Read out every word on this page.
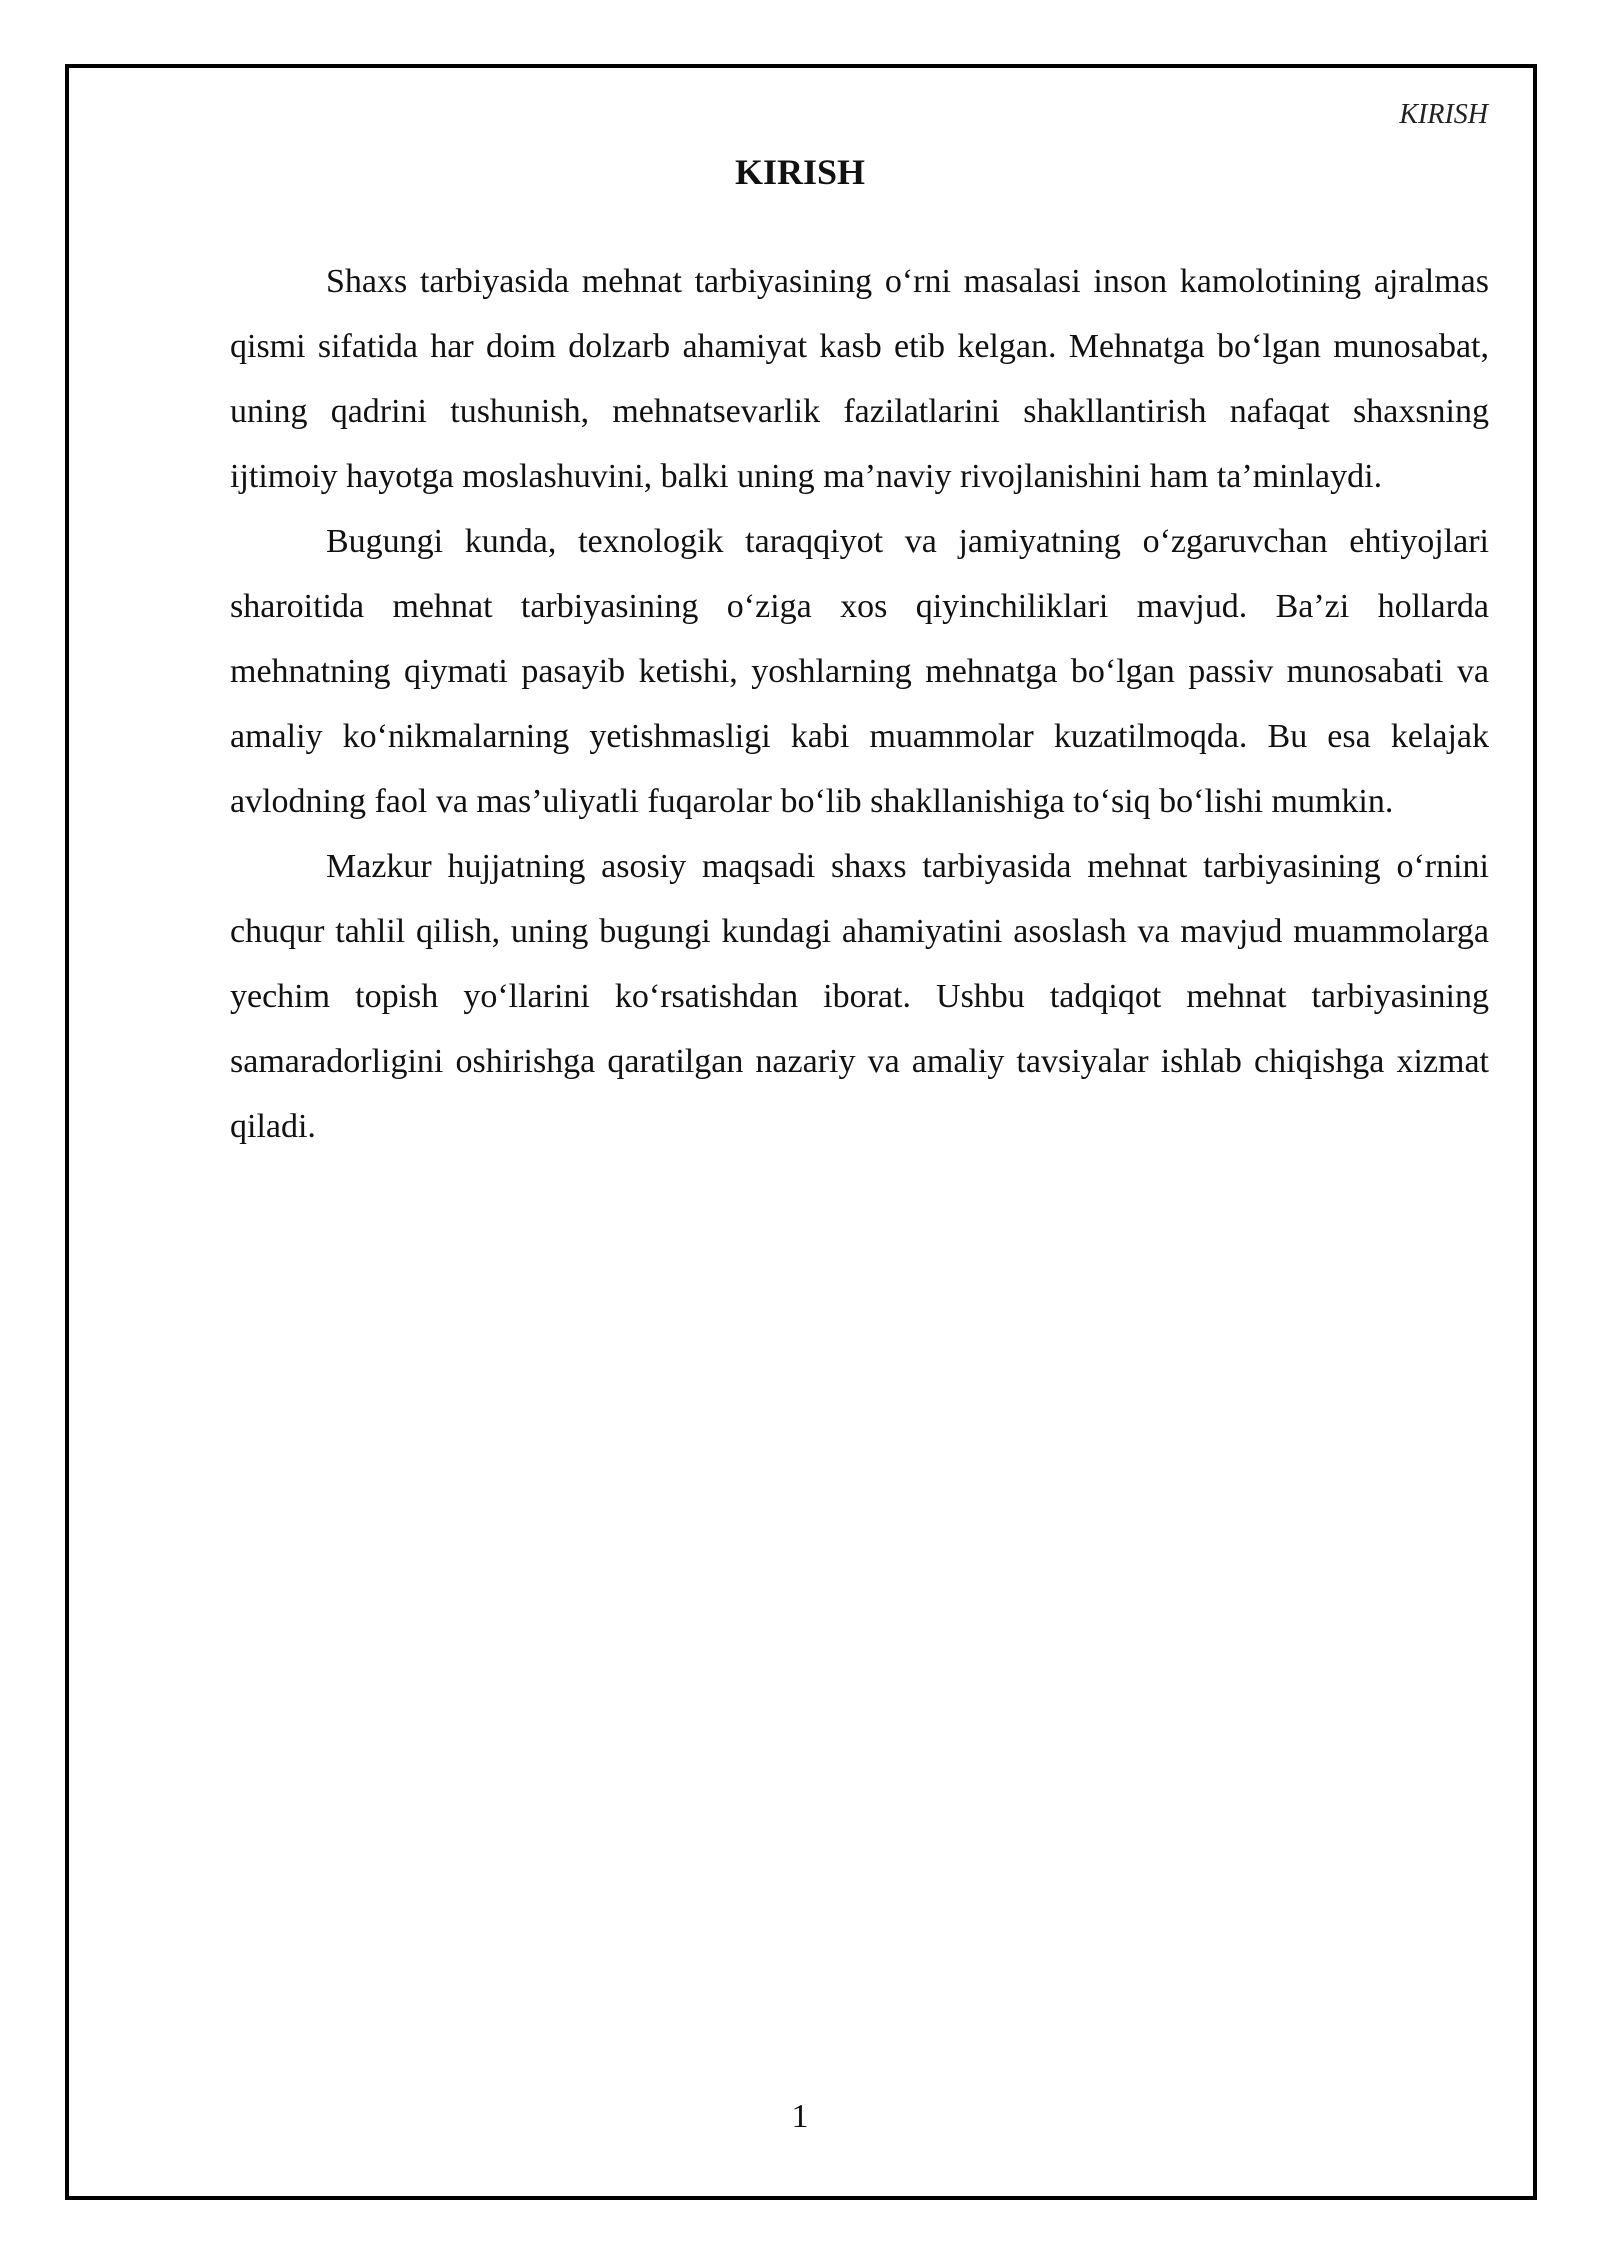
KIRISH
KIRISH

Shaxs tarbiyasida mehnat tarbiyasining o‘rni masalasi inson kamolotining ajralmas qismi sifatida har doim dolzarb ahamiyat kasb etib kelgan. Mehnatga bo‘lgan munosabat, uning qadrini tushunish, mehnatsevarlik fazilatlarini shakllantirish nafaqat shaxsning ijtimoiy hayotga moslashuvini, balki uning ma’naviy rivojlanishini ham ta’minlaydi.

Bugungi kunda, texnologik taraqqiyot va jamiyatning o‘zgaruvchan ehtiyojlari sharoitida mehnat tarbiyasining o‘ziga xos qiyinchiliklari mavjud. Ba’zi hollarda mehnatning qiymati pasayib ketishi, yoshlarning mehnatga bo‘lgan passiv munosabati va amaliy ko‘nikmalarning yetishmasligi kabi muammolar kuzatilmoqda. Bu esa kelajak avlodning faol va mas’uliyatli fuqarolar bo‘lib shakllanishiga to‘siq bo‘lishi mumkin.

Mazkur hujjatning asosiy maqsadi shaxs tarbiyasida mehnat tarbiyasining o‘rnini chuqur tahlil qilish, uning bugungi kundagi ahamiyatini asoslash va mavjud muammolarga yechim topish yo‘llarini ko‘rsatishdan iborat. Ushbu tadqiqot mehnat tarbiyasining samaradorligini oshirishga qaratilgan nazariy va amaliy tavsiyalar ishlab chiqishga xizmat qiladi.

1
